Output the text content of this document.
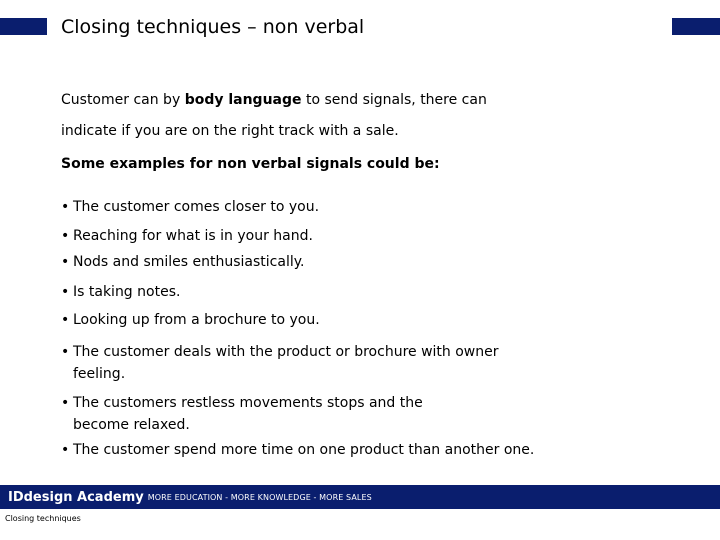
Closing techniques – non verbal

Customer can by body language to send signals, there can

indicate if you are on the right track with a sale.

Some examples for non verbal signals could be:
• The customer comes closer to you.
• Reaching for what is in your hand.
• Nods and smiles enthusiastically.
• Is taking notes.
• Looking up from a brochure to you.
• The customer deals with the product or brochure with owner
feeling.
• The customers restless movements stops and the
become relaxed.
• The customer spend more time on one product than another one.
IDdesign Academy MORE EDUCATION - MORE KNOWLEDGE - MORE SALES
Closing techniques
